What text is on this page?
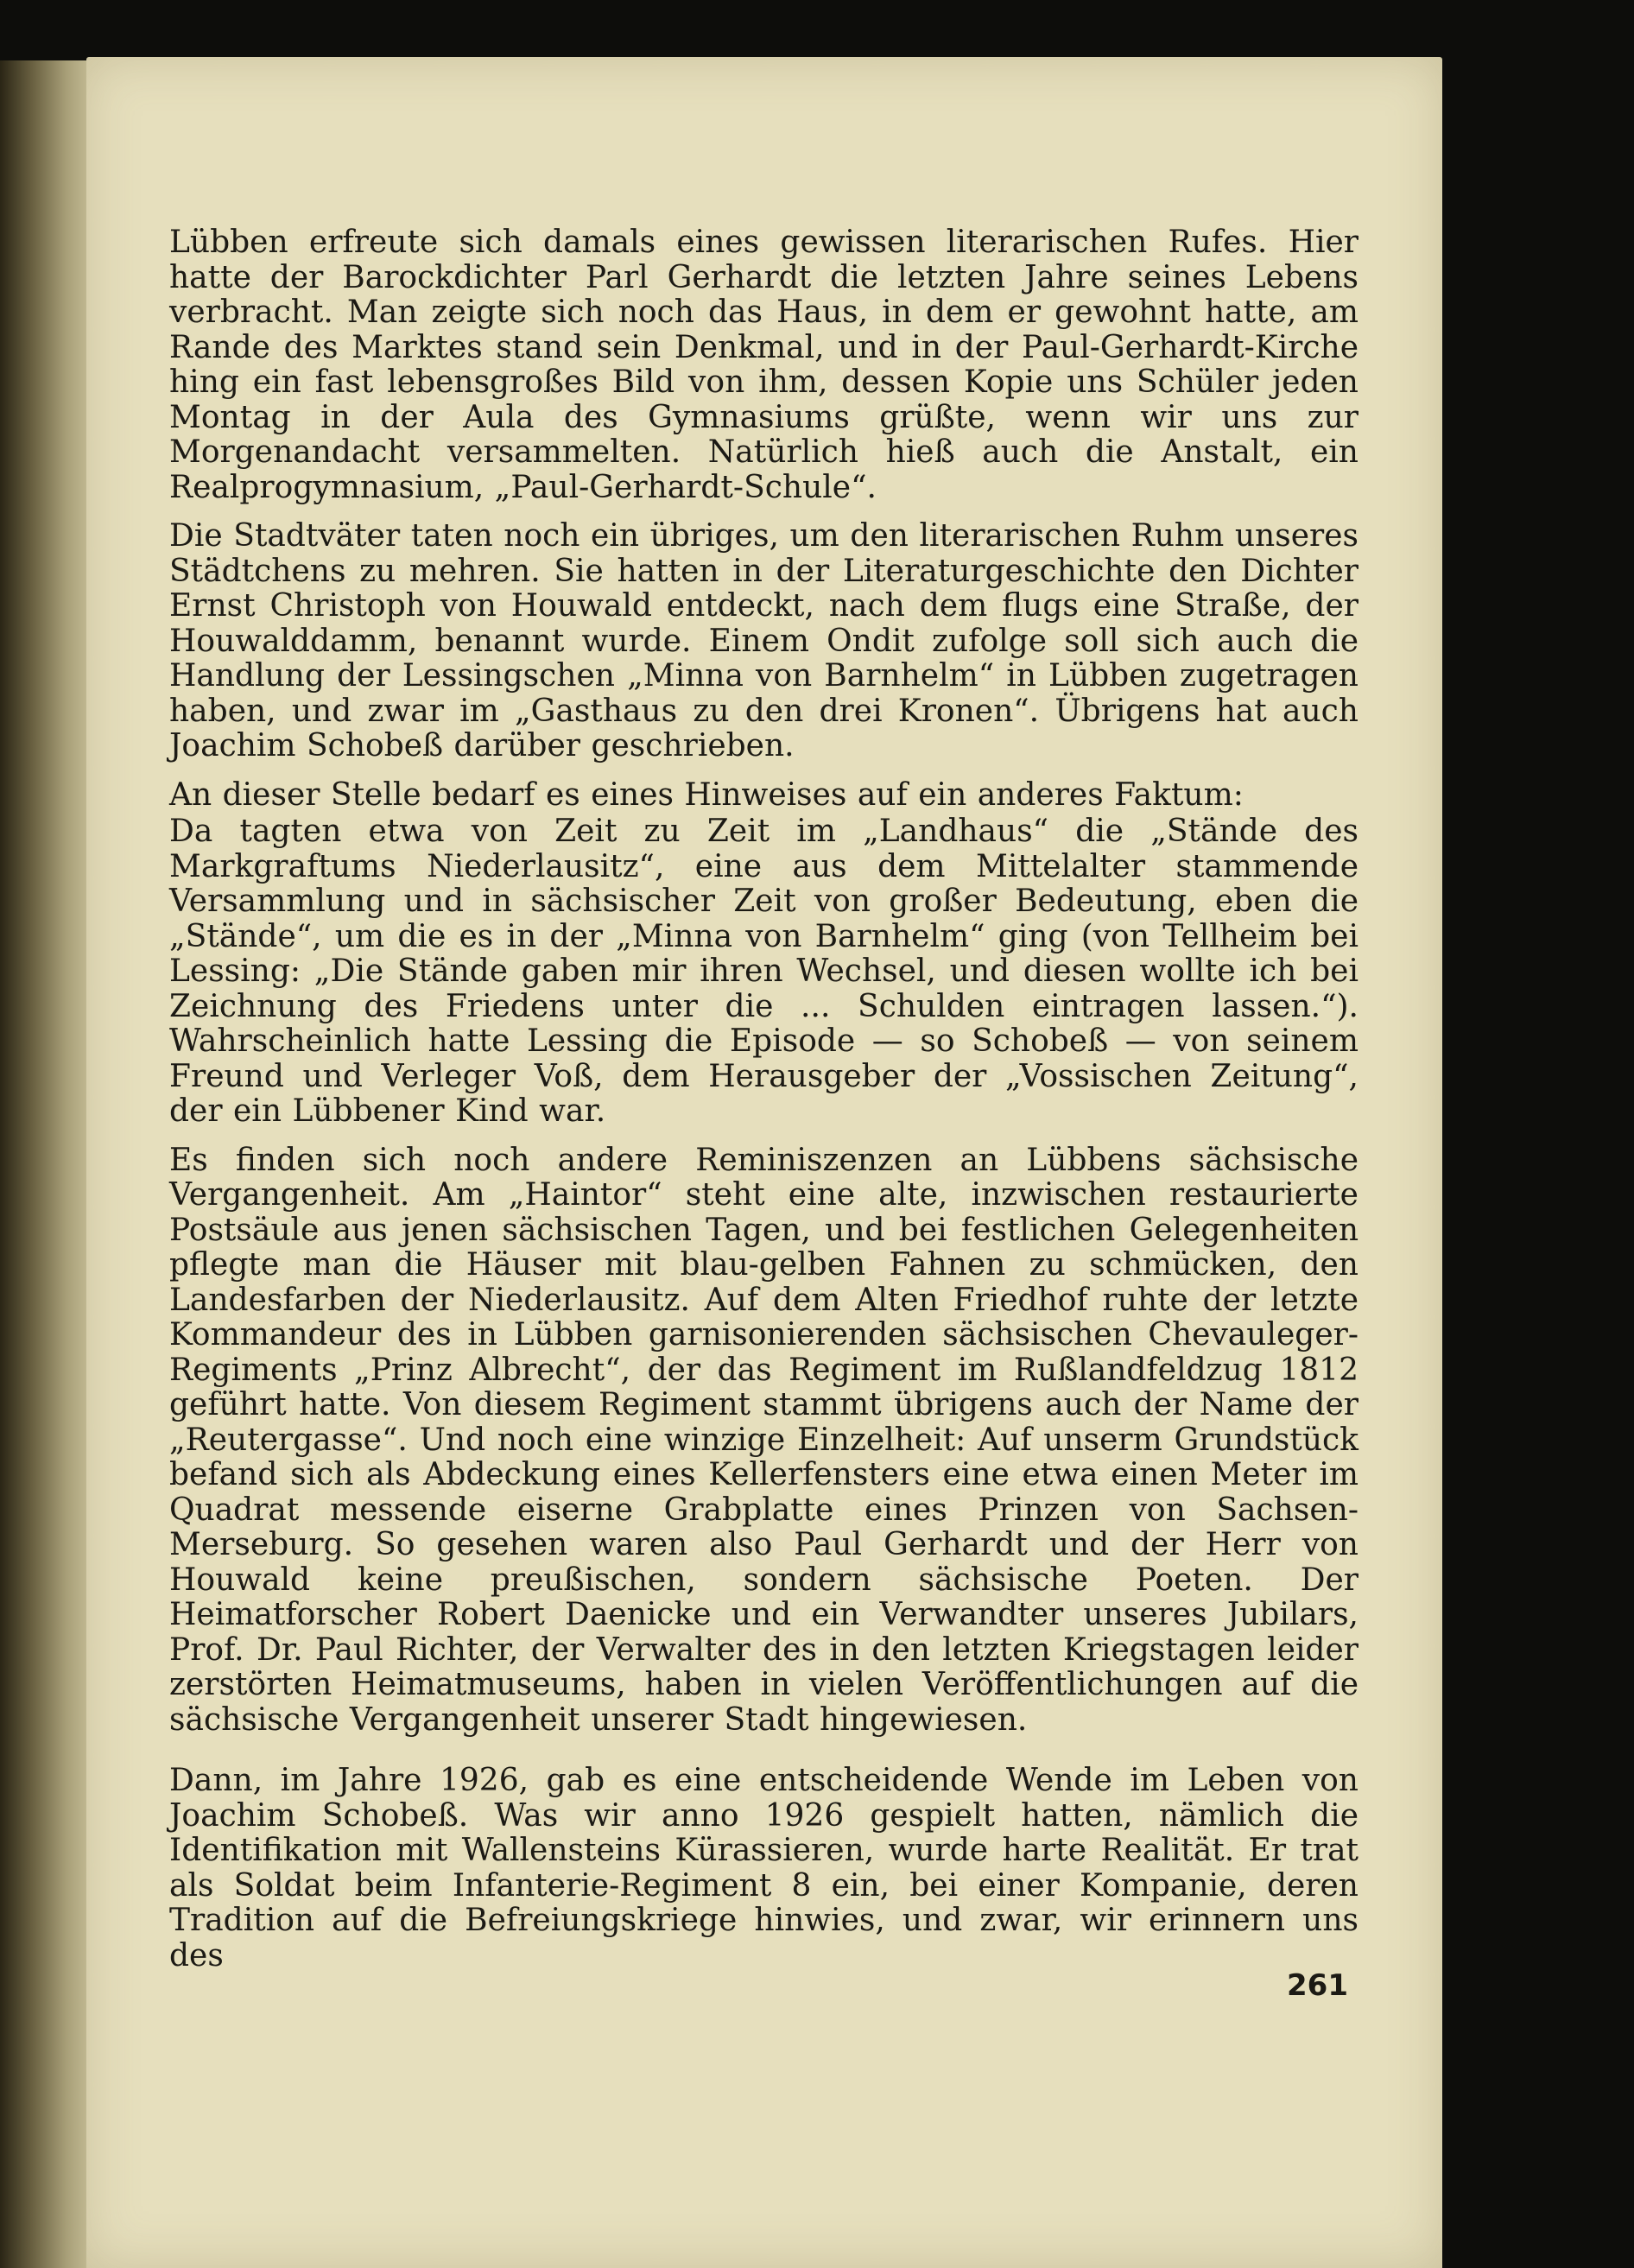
Lübben erfreute sich damals eines gewissen literarischen Rufes. Hier hatte der Barockdichter Parl Gerhardt die letzten Jahre seines Lebens verbracht. Man zeigte sich noch das Haus, in dem er gewohnt hatte, am Rande des Marktes stand sein Denkmal, und in der Paul-Gerhardt-Kirche hing ein fast lebensgroßes Bild von ihm, dessen Kopie uns Schüler jeden Montag in der Aula des Gymnasiums grüßte, wenn wir uns zur Morgenandacht versammelten. Natürlich hieß auch die Anstalt, ein Realprogymnasium, „Paul-Gerhardt-Schule“.

Die Stadtväter taten noch ein übriges, um den literarischen Ruhm unseres Städtchens zu mehren. Sie hatten in der Literaturgeschichte den Dichter Ernst Christoph von Houwald entdeckt, nach dem flugs eine Straße, der Houwalddamm, benannt wurde. Einem Ondit zufolge soll sich auch die Handlung der Lessingschen „Minna von Barnhelm“ in Lübben zugetragen haben, und zwar im „Gasthaus zu den drei Kronen“. Übrigens hat auch Joachim Schobeß darüber geschrieben.

An dieser Stelle bedarf es eines Hinweises auf ein anderes Faktum:

Da tagten etwa von Zeit zu Zeit im „Landhaus“ die „Stände des Markgraftums Niederlausitz“, eine aus dem Mittelalter stammende Versammlung und in sächsischer Zeit von großer Bedeutung, eben die „Stände“, um die es in der „Minna von Barnhelm“ ging (von Tellheim bei Lessing: „Die Stände gaben mir ihren Wechsel, und diesen wollte ich bei Zeichnung des Friedens unter die ... Schulden eintragen lassen.“). Wahrscheinlich hatte Lessing die Episode — so Schobeß — von seinem Freund und Verleger Voß, dem Herausgeber der „Vossischen Zeitung“, der ein Lübbener Kind war.

Es finden sich noch andere Reminiszenzen an Lübbens sächsische Vergangenheit. Am „Haintor“ steht eine alte, inzwischen restaurierte Postsäule aus jenen sächsischen Tagen, und bei festlichen Gelegenheiten pflegte man die Häuser mit blau-gelben Fahnen zu schmücken, den Landesfarben der Niederlausitz. Auf dem Alten Friedhof ruhte der letzte Kommandeur des in Lübben garnisonierenden sächsischen Chevauleger-Regiments „Prinz Albrecht“, der das Regiment im Rußlandfeldzug 1812 geführt hatte. Von diesem Regiment stammt übrigens auch der Name der „Reutergasse“. Und noch eine winzige Einzelheit: Auf unserm Grundstück befand sich als Abdeckung eines Kellerfensters eine etwa einen Meter im Quadrat messende eiserne Grabplatte eines Prinzen von Sachsen-Merseburg. So gesehen waren also Paul Gerhardt und der Herr von Houwald keine preußischen, sondern sächsische Poeten. Der Heimatforscher Robert Daenicke und ein Verwandter unseres Jubilars, Prof. Dr. Paul Richter, der Verwalter des in den letzten Kriegstagen leider zerstörten Heimatmuseums, haben in vielen Veröffentlichungen auf die sächsische Vergangenheit unserer Stadt hingewiesen.

Dann, im Jahre 1926, gab es eine entscheidende Wende im Leben von Joachim Schobeß. Was wir anno 1926 gespielt hatten, nämlich die Identifikation mit Wallensteins Kürassieren, wurde harte Realität. Er trat als Soldat beim Infanterie-Regiment 8 ein, bei einer Kompanie, deren Tradition auf die Befreiungskriege hinwies, und zwar, wir erinnern uns des

261
